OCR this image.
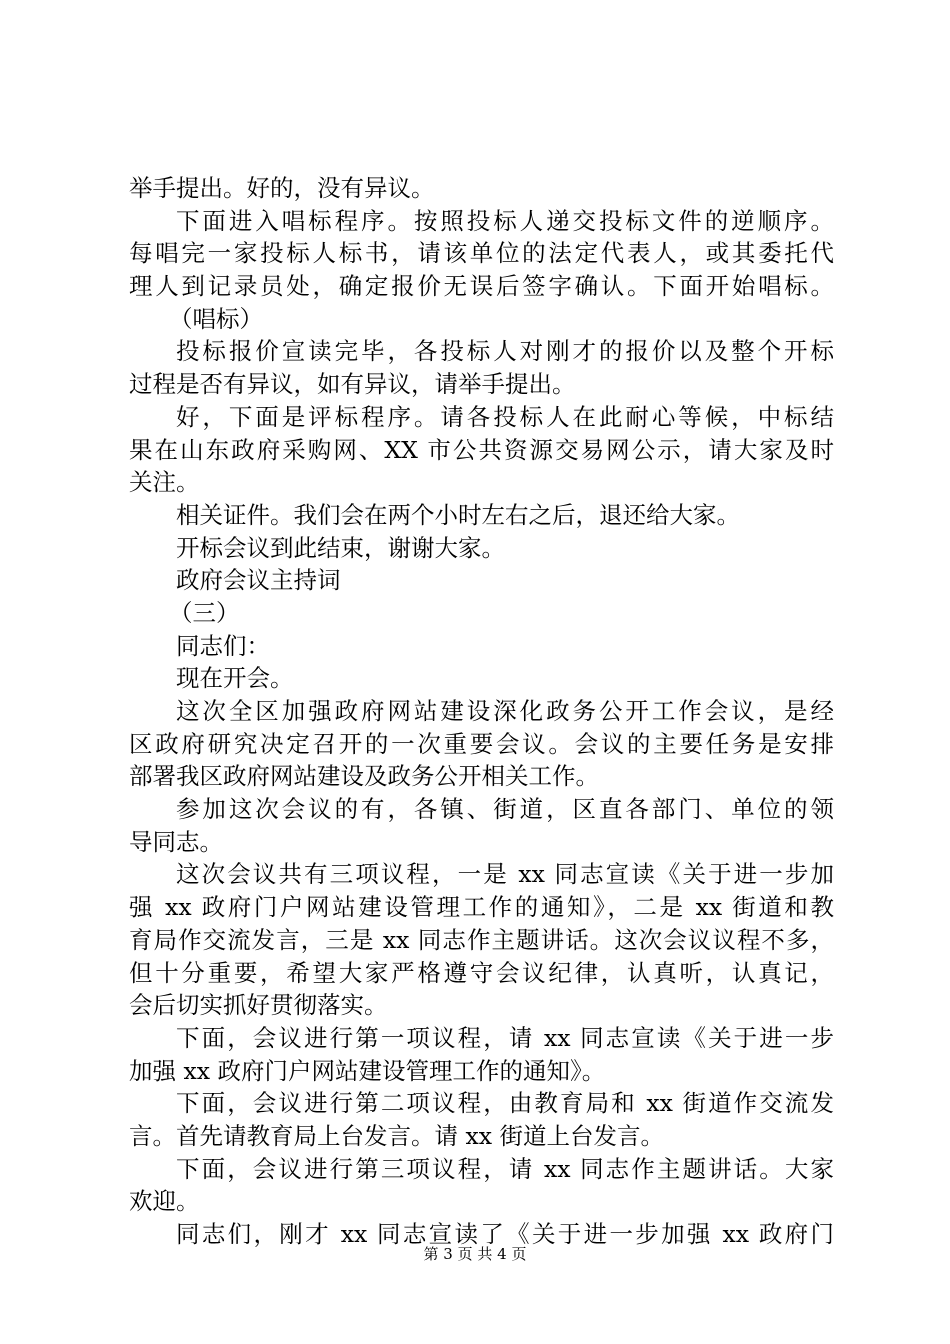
举手提出。好的，没有异议。
下面进入唱标程序。按照投标人递交投标文件的逆顺序。
每唱完一家投标人标书，请该单位的法定代表人，或其委托代
理人到记录员处，确定报价无误后签字确认。下面开始唱标。
（唱标）
投标报价宣读完毕，各投标人对刚才的报价以及整个开标
过程是否有异议，如有异议，请举手提出。
好，下面是评标程序。请各投标人在此耐心等候，中标结
果在山东政府采购网、XX 市公共资源交易网公示，请大家及时
关注。
相关证件。我们会在两个小时左右之后，退还给大家。
开标会议到此结束，谢谢大家。
政府会议主持词
（三）
同志们：
现在开会。
这次全区加强政府网站建设深化政务公开工作会议，是经
区政府研究决定召开的一次重要会议。会议的主要任务是安排
部署我区政府网站建设及政务公开相关工作。
参加这次会议的有，各镇、街道，区直各部门、单位的领
导同志。
这次会议共有三项议程，一是 xx 同志宣读《关于进一步加
强 xx 政府门户网站建设管理工作的通知》，二是 xx 街道和教
育局作交流发言，三是 xx 同志作主题讲话。这次会议议程不多，
但十分重要，希望大家严格遵守会议纪律，认真听，认真记，
会后切实抓好贯彻落实。
下面，会议进行第一项议程，请 xx 同志宣读《关于进一步
加强 xx 政府门户网站建设管理工作的通知》。
下面，会议进行第二项议程，由教育局和 xx 街道作交流发
言。首先请教育局上台发言。请 xx 街道上台发言。
下面，会议进行第三项议程，请 xx 同志作主题讲话。大家
欢迎。
同志们，刚才 xx 同志宣读了《关于进一步加强 xx 政府门
第 3 页 共 4 页
